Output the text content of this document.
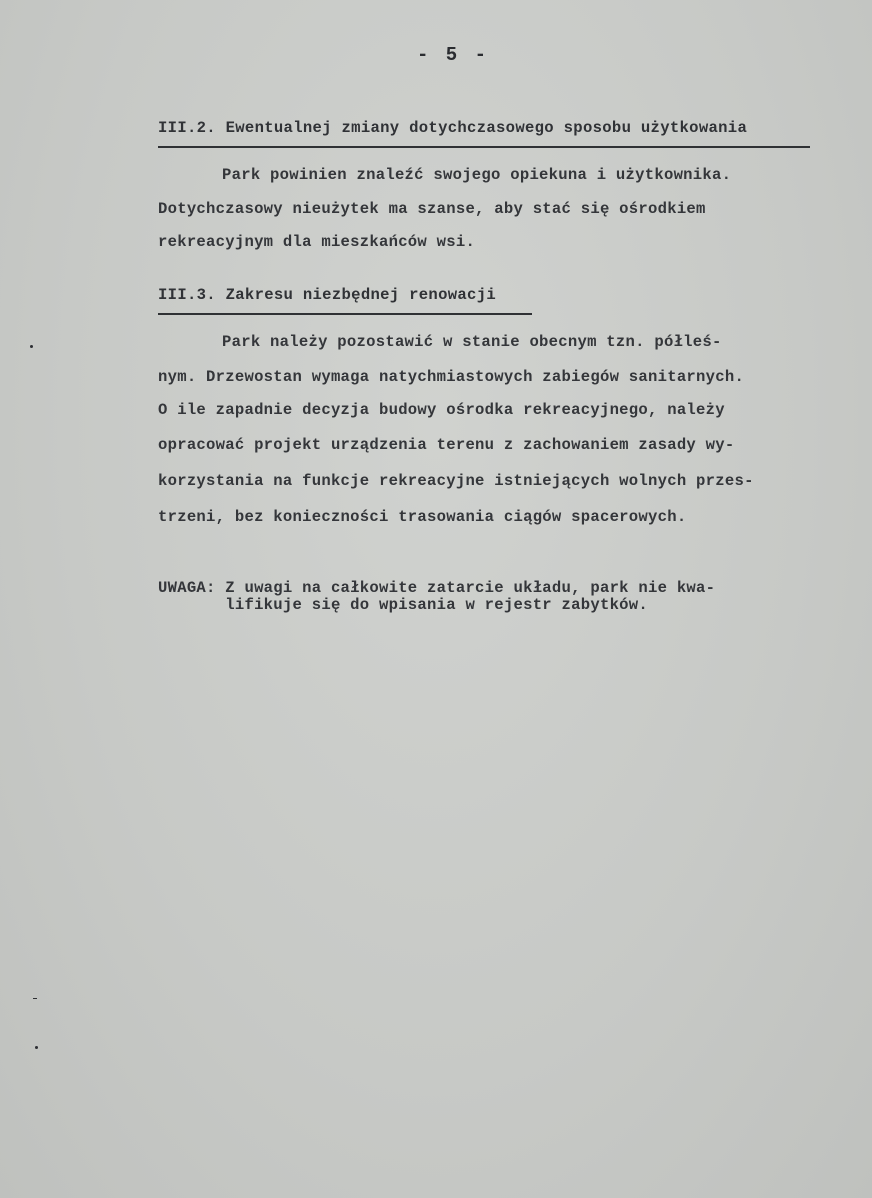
- 5 -
III.2. Ewentualnej zmiany dotychczasowego sposobu użytkowania
Park powinien znaleźć swojego opiekuna i użytkownika.
Dotychczasowy nieużytek ma szanse, aby stać się ośrodkiem
rekreacyjnym dla mieszkańców wsi.
III.3. Zakresu niezbędnej renowacji
Park należy pozostawić w stanie obecnym tzn. półleś-
nym. Drzewostan wymaga natychmiastowych zabiegów sanitarnych.
O ile zapadnie decyzja budowy ośrodka rekreacyjnego, należy
opracować projekt urządzenia terenu z zachowaniem zasady wy-
korzystania na funkcje rekreacyjne istniejących wolnych przes-
trzeni, bez konieczności trasowania ciągów spacerowych.
UWAGA: Z uwagi na całkowite zatarcie układu, park nie kwa-
lifikuje się do wpisania w rejestr zabytków.
